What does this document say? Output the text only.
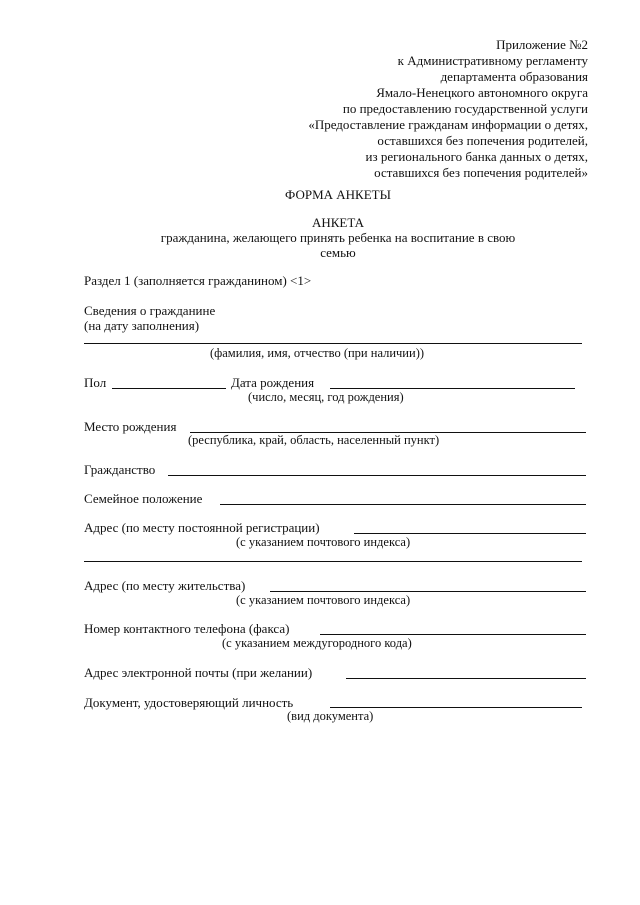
Приложение №2
к Административному регламенту
департамента образования
Ямало-Ненецкого автономного округа
по предоставлению государственной услуги
«Предоставление гражданам информации о детях,
оставшихся без попечения родителей,
из регионального банка данных о детях,
оставшихся без попечения родителей»
ФОРМА АНКЕТЫ
АНКЕТА
гражданина, желающего принять ребенка на воспитание в свою
семью
Раздел 1 (заполняется гражданином) <1>
Сведения о гражданине
(на дату заполнения)
(фамилия, имя, отчество (при наличии))
Пол	Дата рождения
(число, месяц, год рождения)
Место рождения
(республика, край, область, населенный пункт)
Гражданство
Семейное положение
Адрес (по месту постоянной регистрации)
(с указанием почтового индекса)
Адрес (по месту жительства)
(с указанием почтового индекса)
Номер контактного телефона (факса)
(с указанием междугородного кода)
Адрес электронной почты (при желании)
Документ, удостоверяющий личность
(вид документа)
